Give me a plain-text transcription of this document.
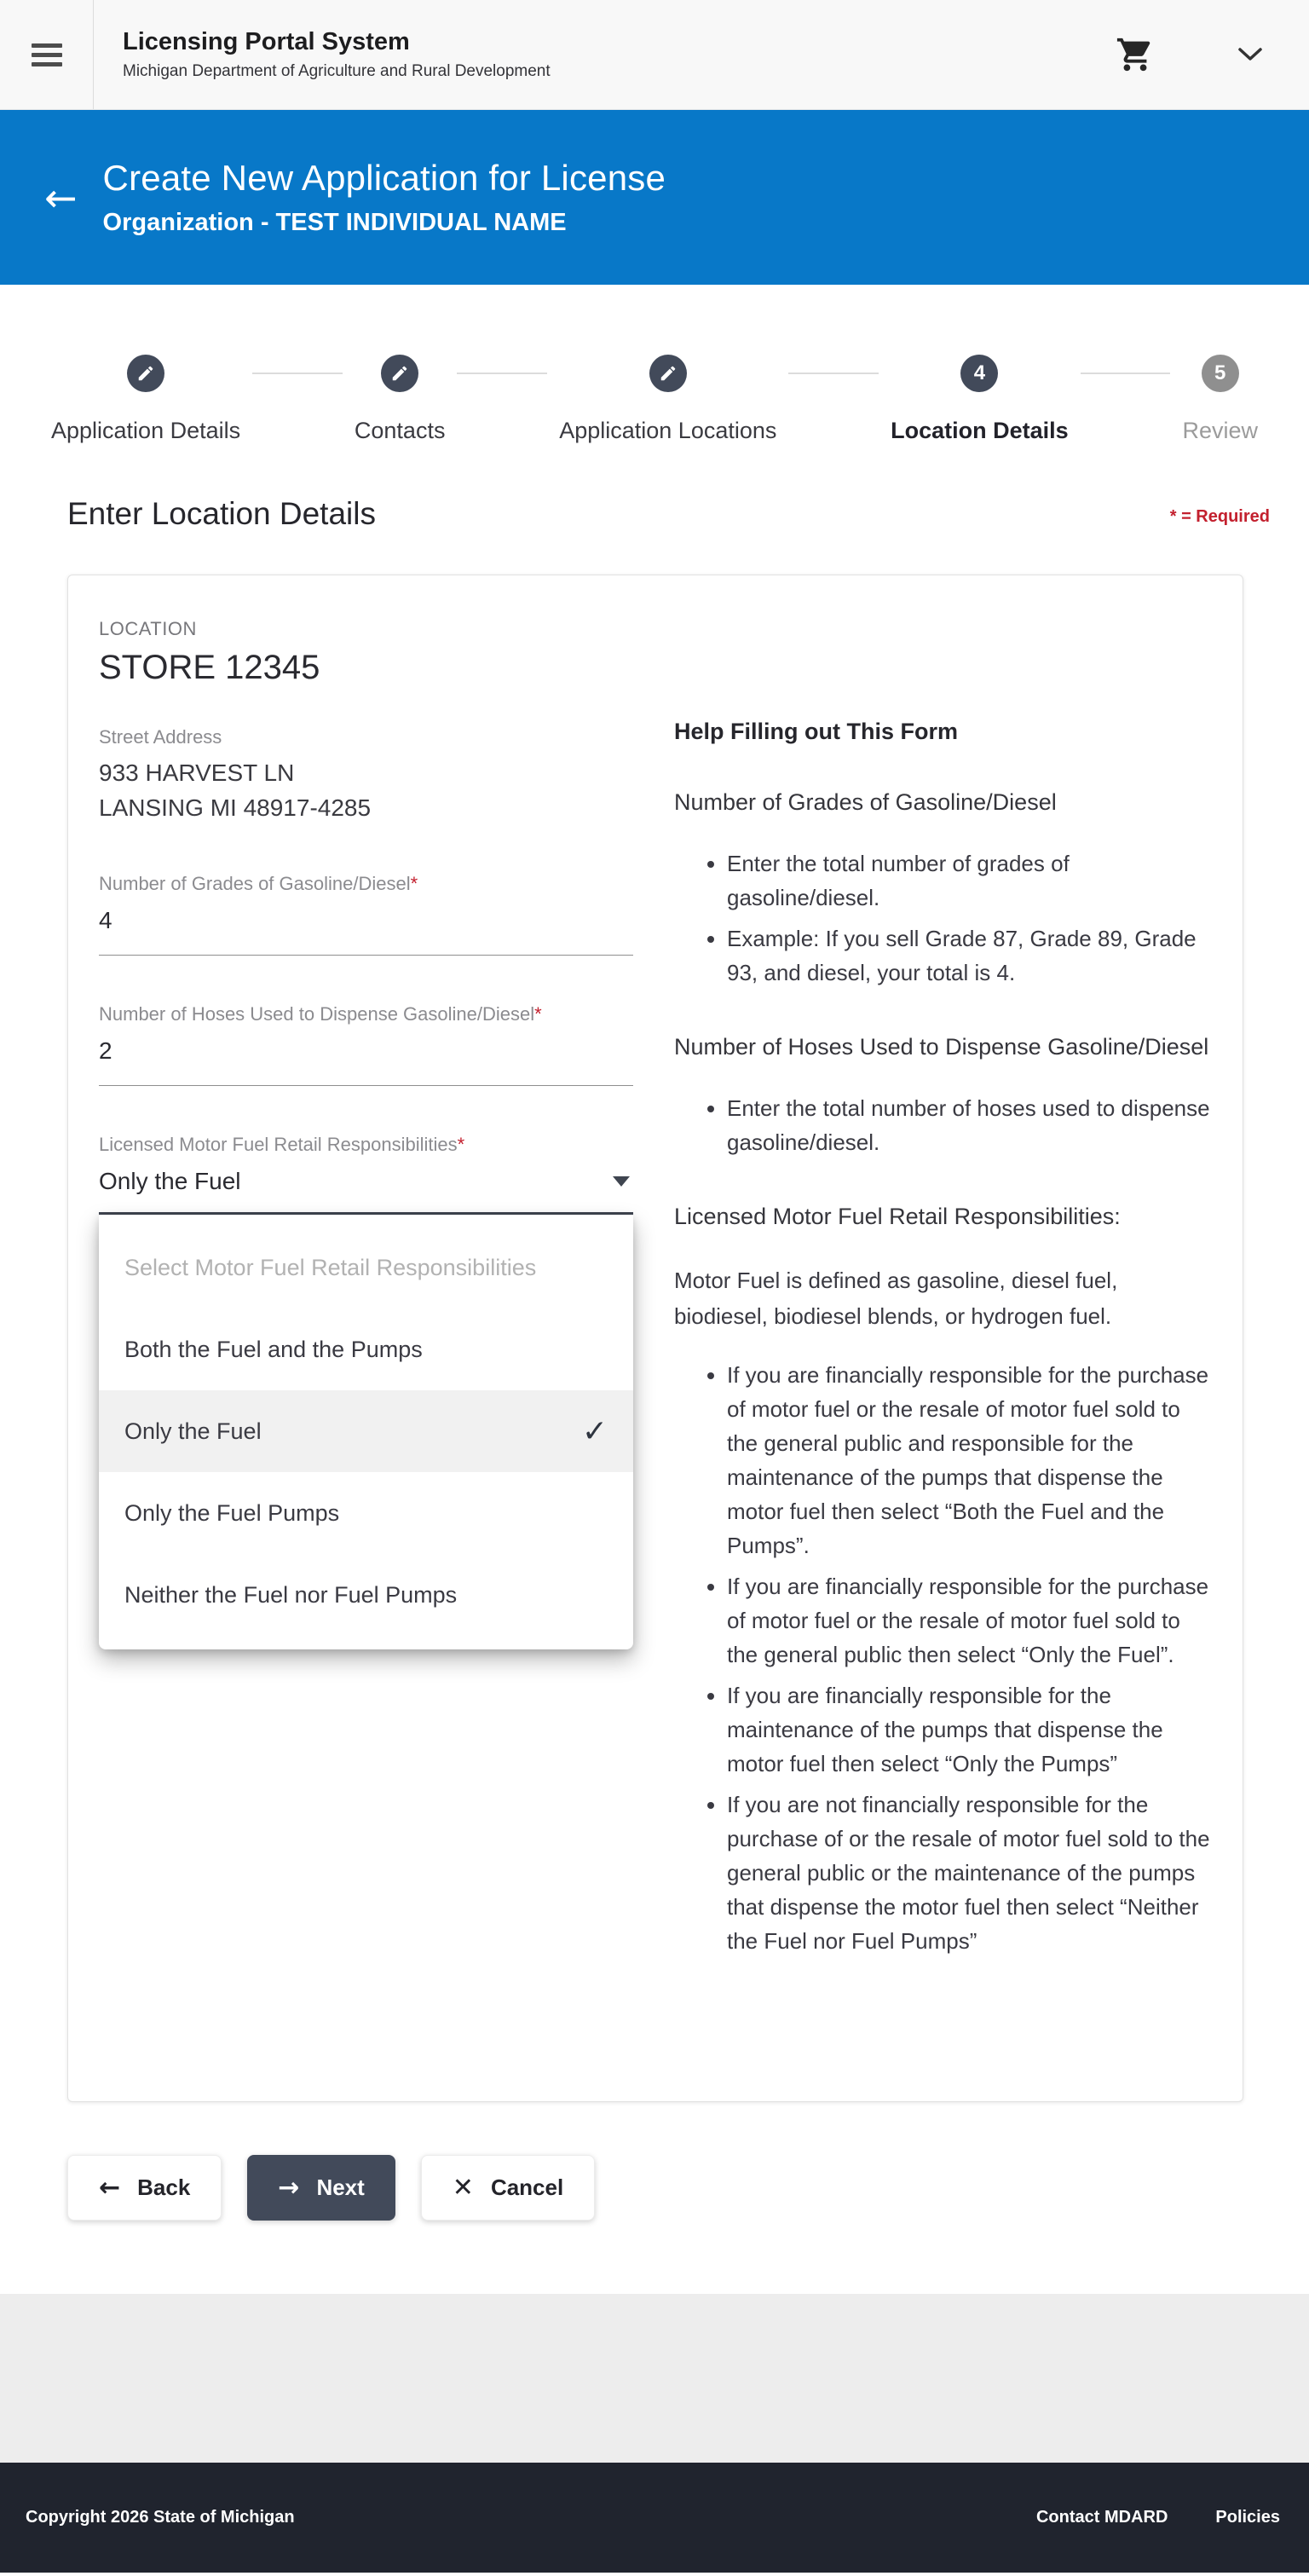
Licensing Portal System
Michigan Department of Agriculture and Rural Development
← Create New Application for License
Organization - TEST INDIVIDUAL NAME
Application Details	Contacts	Application Locations
4
Location Details
5
Review
Enter Location Details	* = Required
LOCATION
STORE 12345
Street Address
933 HARVEST LN
LANSING MI 48917-4285
Number of Grades of Gasoline/Diesel*
4
Number of Hoses Used to Dispense Gasoline/Diesel*
2
Licensed Motor Fuel Retail Responsibilities*
Only the Fuel
Select Motor Fuel Retail Responsibilities
Both the Fuel and the Pumps
Only the Fuel	✓
Only the Fuel Pumps
Neither the Fuel nor Fuel Pumps
Help Filling out This Form
Number of Grades of Gasoline/Diesel
• Enter the total number of grades of gasoline/diesel.
• Example: If you sell Grade 87, Grade 89, Grade 93, and diesel, your total is 4.
Number of Hoses Used to Dispense Gasoline/Diesel
• Enter the total number of hoses used to dispense gasoline/diesel.
Licensed Motor Fuel Retail Responsibilities:
Motor Fuel is defined as gasoline, diesel fuel, biodiesel, biodiesel blends, or hydrogen fuel.
• If you are financially responsible for the purchase of motor fuel or the resale of motor fuel sold to the general public and responsible for the maintenance of the pumps that dispense the motor fuel then select “Both the Fuel and the Pumps”.
• If you are financially responsible for the purchase of motor fuel or the resale of motor fuel sold to the general public then select “Only the Fuel”.
• If you are financially responsible for the maintenance of the pumps that dispense the motor fuel then select “Only the Pumps”
• If you are not financially responsible for the purchase of or the resale of motor fuel sold to the general public or the maintenance of the pumps that dispense the motor fuel then select “Neither the Fuel nor Fuel Pumps”
← Back	→ Next	✕ Cancel
Copyright 2026 State of Michigan	Contact MDARD	Policies
